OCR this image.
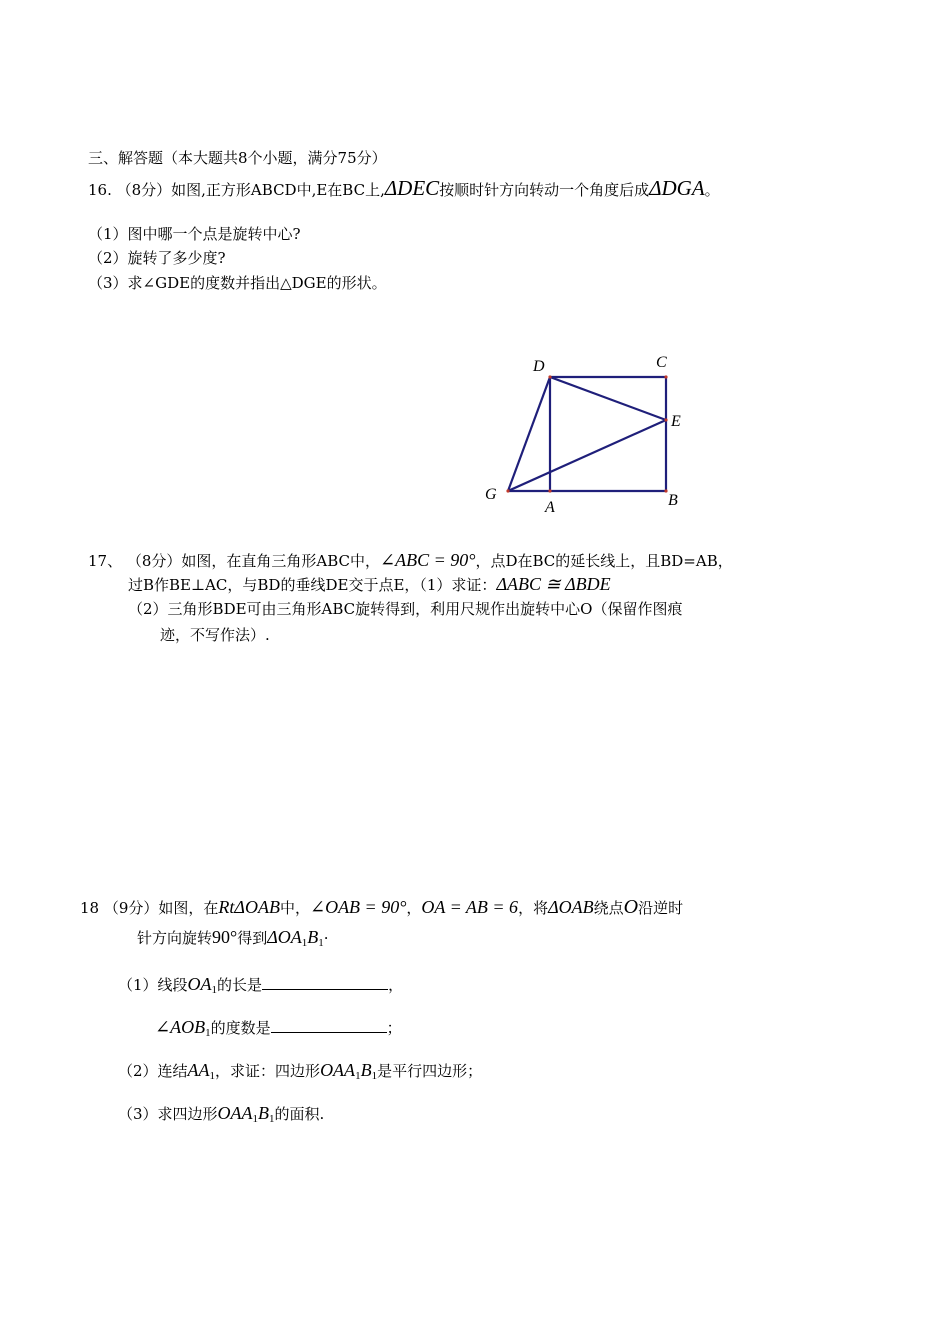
三、解答题（本大题共8个小题，满分75分）
16. （8分）如图,正方形ABCD中,E在BC上,ΔDEC按顺时针方向转动一个角度后成ΔDGA。
（1）图中哪一个点是旋转中心?
（2）旋转了多少度?
（3）求∠GDE的度数并指出△DGE的形状。
D	C
E
G
A	B
17、 （8分）如图，在直角三角形ABC中，∠ABC = 90°，点D在BC的延长线上，且BD=AB，
过B作BE⊥AC，与BD的垂线DE交于点E，（1）求证：ΔABC ≅ ΔBDE
（2）三角形BDE可由三角形ABC旋转得到，利用尺规作出旋转中心O（保留作图痕
迹，不写作法）.
18 （9分）如图，在RtΔOAB中，∠OAB = 90°，OA = AB = 6，将ΔOAB绕点O沿逆时
针方向旋转90°得到$\Delta OA_1B_1\cdot$
（1）线段$OA_1$的长是	，
$\angle AOB_1$的度数是	；
（2）连结$AA_1$，求证：四边形$OAA_1B_1$是平行四边形；
（3）求四边形$OAA_1B_1$的面积.
